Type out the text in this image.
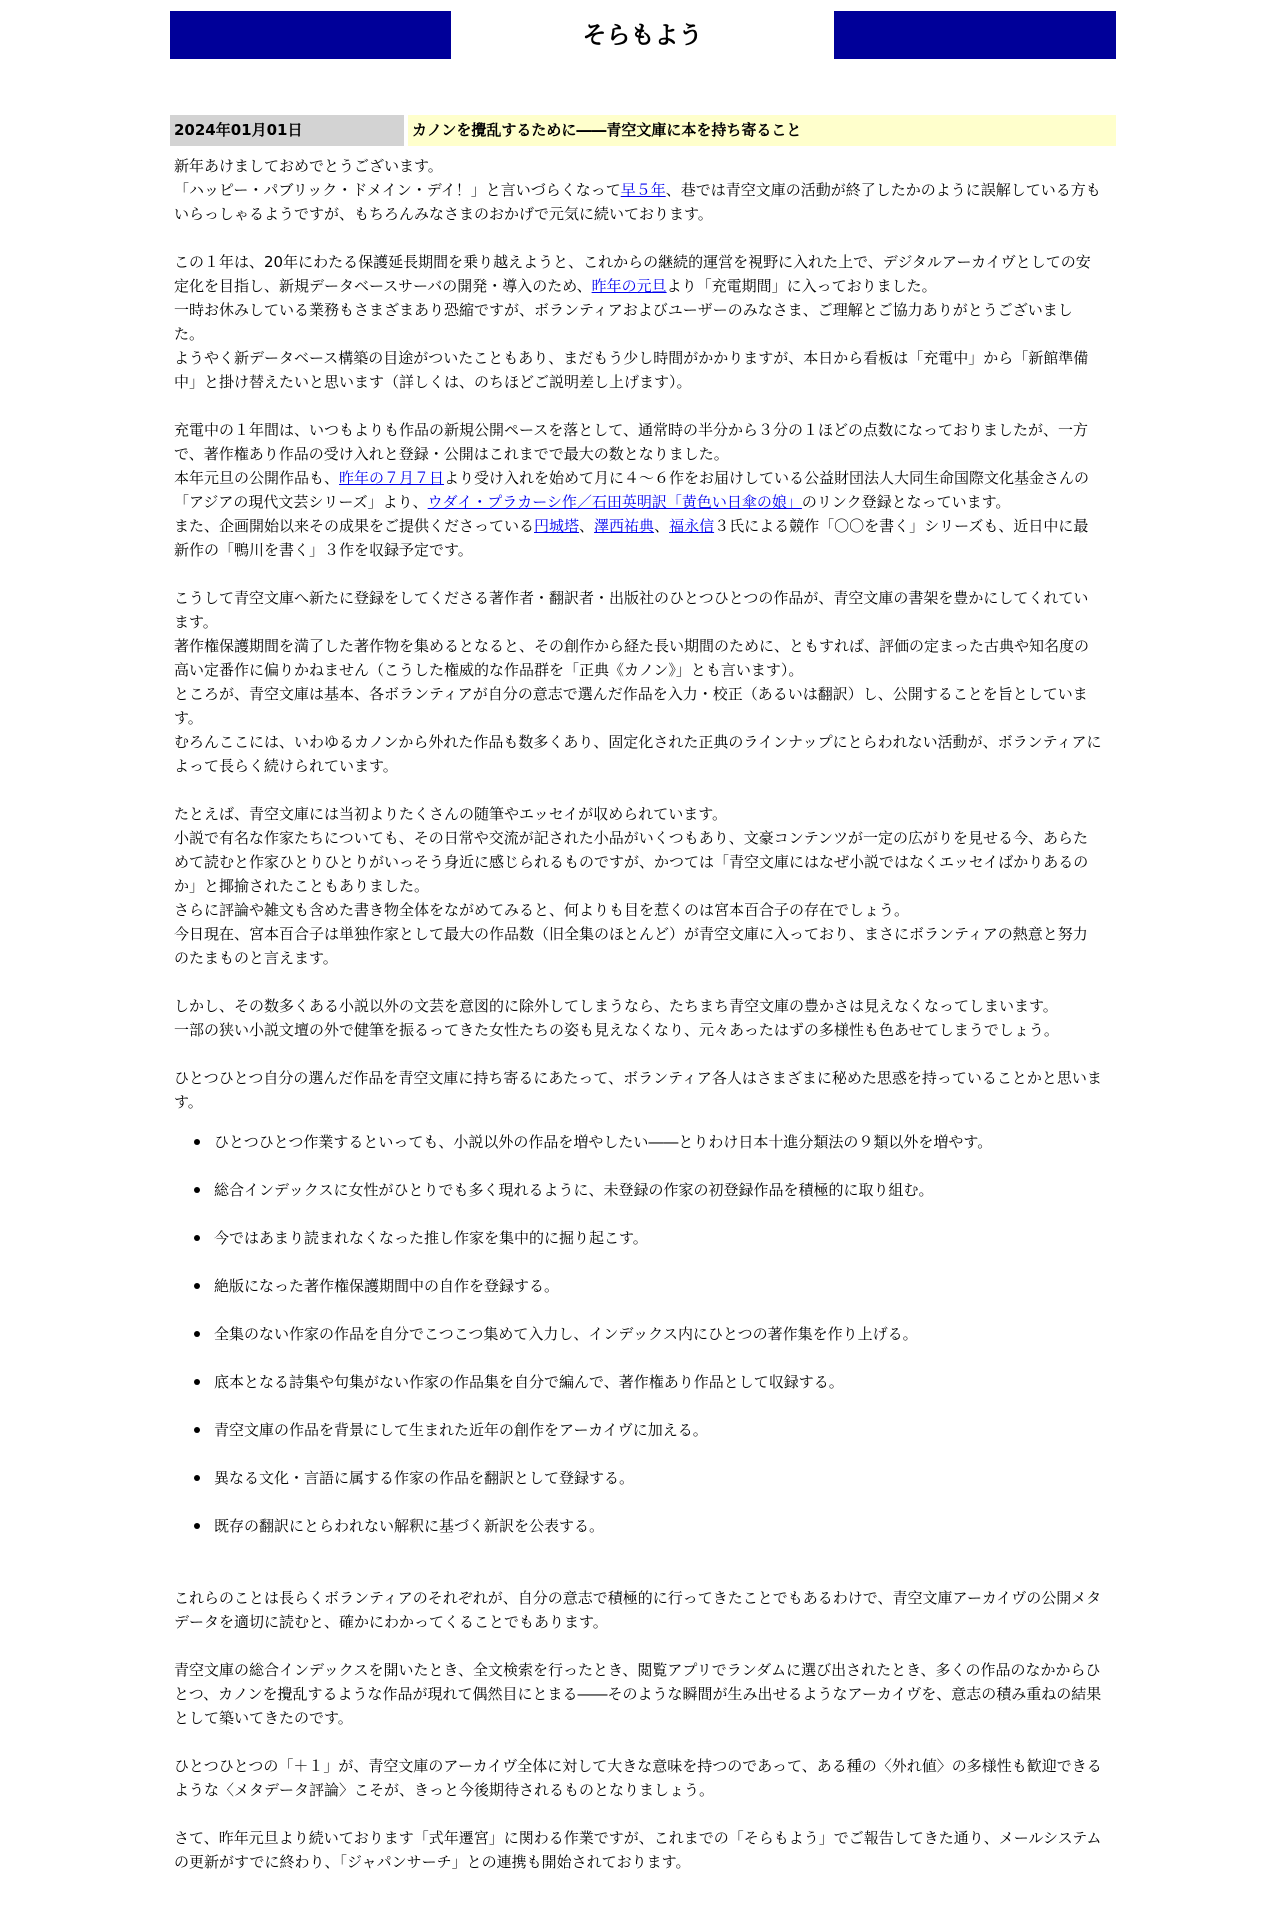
そらもよう
2024年01月01日	カノンを攪乱するために――青空文庫に本を持ち寄ること

新年あけましておめでとうございます。
「ハッピー・パブリック・ドメイン・デイ！」と言いづらくなって早５年、巷では青空文庫の活動が終了したかのように誤解している方もいらっしゃるようですが、もちろんみなさまのおかげで元気に続いております。

この１年は、20年にわたる保護延長期間を乗り越えようと、これからの継続的運営を視野に入れた上で、デジタルアーカイヴとしての安定化を目指し、新規データベースサーバの開発・導入のため、昨年の元旦より「充電期間」に入っておりました。
一時お休みしている業務もさまざまあり恐縮ですが、ボランティアおよびユーザーのみなさま、ご理解とご協力ありがとうございました。
ようやく新データベース構築の目途がついたこともあり、まだもう少し時間がかかりますが、本日から看板は「充電中」から「新館準備中」と掛け替えたいと思います（詳しくは、のちほどご説明差し上げます）。

充電中の１年間は、いつもよりも作品の新規公開ペースを落として、通常時の半分から３分の１ほどの点数になっておりましたが、一方で、著作権あり作品の受け入れと登録・公開はこれまでで最大の数となりました。
本年元旦の公開作品も、昨年の７月７日より受け入れを始めて月に４～６作をお届けしている公益財団法人大同生命国際文化基金さんの「アジアの現代文芸シリーズ」より、ウダイ・プラカーシ作／石田英明訳「黄色い日傘の娘」のリンク登録となっています。
また、企画開始以来その成果をご提供くださっている円城塔、澤西祐典、福永信３氏による競作「〇〇を書く」シリーズも、近日中に最新作の「鴨川を書く」３作を収録予定です。

こうして青空文庫へ新たに登録をしてくださる著作者・翻訳者・出版社のひとつひとつの作品が、青空文庫の書架を豊かにしてくれています。
著作権保護期間を満了した著作物を集めるとなると、その創作から経た長い期間のために、ともすれば、評価の定まった古典や知名度の高い定番作に偏りかねません（こうした権威的な作品群を「正典《カノン》」とも言います）。
ところが、青空文庫は基本、各ボランティアが自分の意志で選んだ作品を入力・校正（あるいは翻訳）し、公開することを旨としています。
むろんここには、いわゆるカノンから外れた作品も数多くあり、固定化された正典のラインナップにとらわれない活動が、ボランティアによって長らく続けられています。

たとえば、青空文庫には当初よりたくさんの随筆やエッセイが収められています。
小説で有名な作家たちについても、その日常や交流が記された小品がいくつもあり、文豪コンテンツが一定の広がりを見せる今、あらためて読むと作家ひとりひとりがいっそう身近に感じられるものですが、かつては「青空文庫にはなぜ小説ではなくエッセイばかりあるのか」と揶揄されたこともありました。
さらに評論や雑文も含めた書き物全体をながめてみると、何よりも目を惹くのは宮本百合子の存在でしょう。
今日現在、宮本百合子は単独作家として最大の作品数（旧全集のほとんど）が青空文庫に入っており、まさにボランティアの熱意と努力のたまものと言えます。

しかし、その数多くある小説以外の文芸を意図的に除外してしまうなら、たちまち青空文庫の豊かさは見えなくなってしまいます。
一部の狭い小説文壇の外で健筆を振るってきた女性たちの姿も見えなくなり、元々あったはずの多様性も色あせてしまうでしょう。

ひとつひとつ自分の選んだ作品を青空文庫に持ち寄るにあたって、ボランティア各人はさまざまに秘めた思惑を持っていることかと思います。

ひとつひとつ作業するといっても、小説以外の作品を増やしたい――とりわけ日本十進分類法の９類以外を増やす。
総合インデックスに女性がひとりでも多く現れるように、未登録の作家の初登録作品を積極的に取り組む。
今ではあまり読まれなくなった推し作家を集中的に掘り起こす。
絶版になった著作権保護期間中の自作を登録する。
全集のない作家の作品を自分でこつこつ集めて入力し、インデックス内にひとつの著作集を作り上げる。
底本となる詩集や句集がない作家の作品集を自分で編んで、著作権あり作品として収録する。
青空文庫の作品を背景にして生まれた近年の創作をアーカイヴに加える。
異なる文化・言語に属する作家の作品を翻訳として登録する。
既存の翻訳にとらわれない解釈に基づく新訳を公表する。

これらのことは長らくボランティアのそれぞれが、自分の意志で積極的に行ってきたことでもあるわけで、青空文庫アーカイヴの公開メタデータを適切に読むと、確かにわかってくることでもあります。

青空文庫の総合インデックスを開いたとき、全文検索を行ったとき、閲覧アプリでランダムに選び出されたとき、多くの作品のなかからひとつ、カノンを攪乱するような作品が現れて偶然目にとまる――そのような瞬間が生み出せるようなアーカイヴを、意志の積み重ねの結果として築いてきたのです。

ひとつひとつの「＋１」が、青空文庫のアーカイヴ全体に対して大きな意味を持つのであって、ある種の〈外れ値〉の多様性も歓迎できるような〈メタデータ評論〉こそが、きっと今後期待されるものとなりましょう。

さて、昨年元旦より続いております「式年遷宮」に関わる作業ですが、これまでの「そらもよう」でご報告してきた通り、メールシステムの更新がすでに終わり、「ジャパンサーチ」との連携も開始されております。
